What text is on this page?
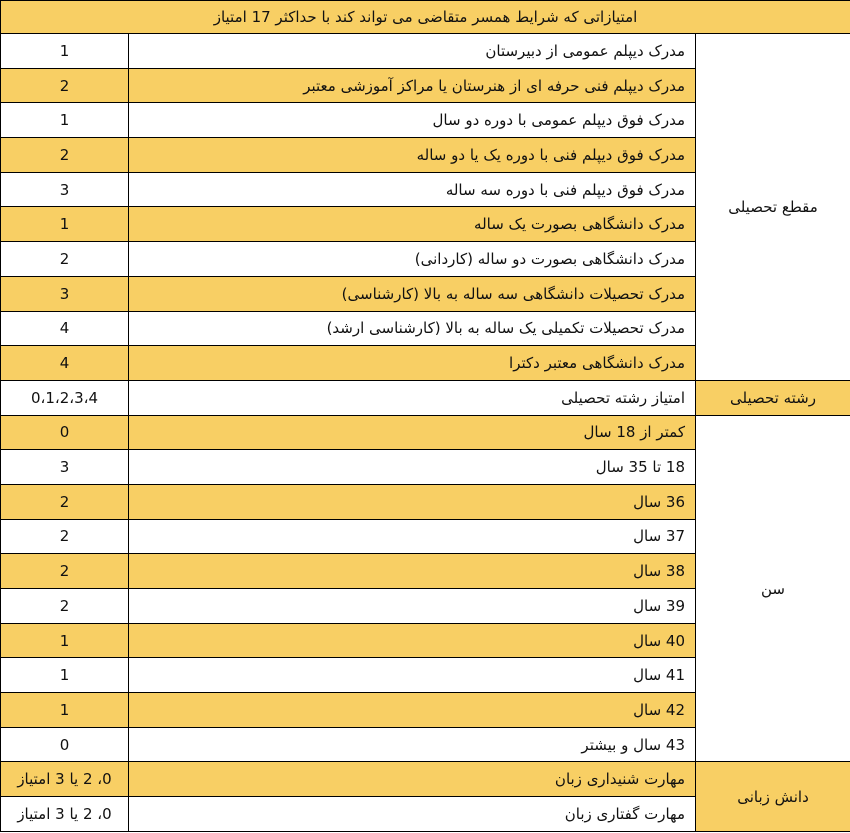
امتیازاتی که شرایط همسر متقاضی می تواند کند با حداکثر 17 امتیاز		
مقطع تحصیلی	مدرک دیپلم عمومی از دبیرستان	1
	مدرک دیپلم فنی حرفه ای از هنرستان یا مراکز آموزشی معتبر	2
	مدرک فوق دیپلم عمومی با دوره دو سال	1
	مدرک فوق دیپلم فنی با دوره یک یا دو ساله	2
	مدرک فوق دیپلم فنی با دوره سه ساله	3
	مدرک دانشگاهی بصورت یک ساله	1
	مدرک دانشگاهی بصورت دو ساله (کاردانی)	2
	مدرک تحصیلات دانشگاهی سه ساله به بالا (کارشناسی)	3
	مدرک تحصیلات تکمیلی یک ساله به بالا (کارشناسی ارشد)	4
	مدرک دانشگاهی معتبر دکترا	4
رشته تحصیلی	امتیاز رشته تحصیلی	0،1،2،3،4
سن	کمتر از 18 سال	0
	18 تا 35 سال	3
	36 سال	2
	37 سال	2
	38 سال	2
	39 سال	2
	40 سال	1
	41 سال	1
	42 سال	1
	43 سال و بیشتر	0
دانش زبانی	مهارت شنیداری زبان	0، 2 یا 3 امتیاز
	مهارت گفتاری زبان	0، 2 یا 3 امتیاز
